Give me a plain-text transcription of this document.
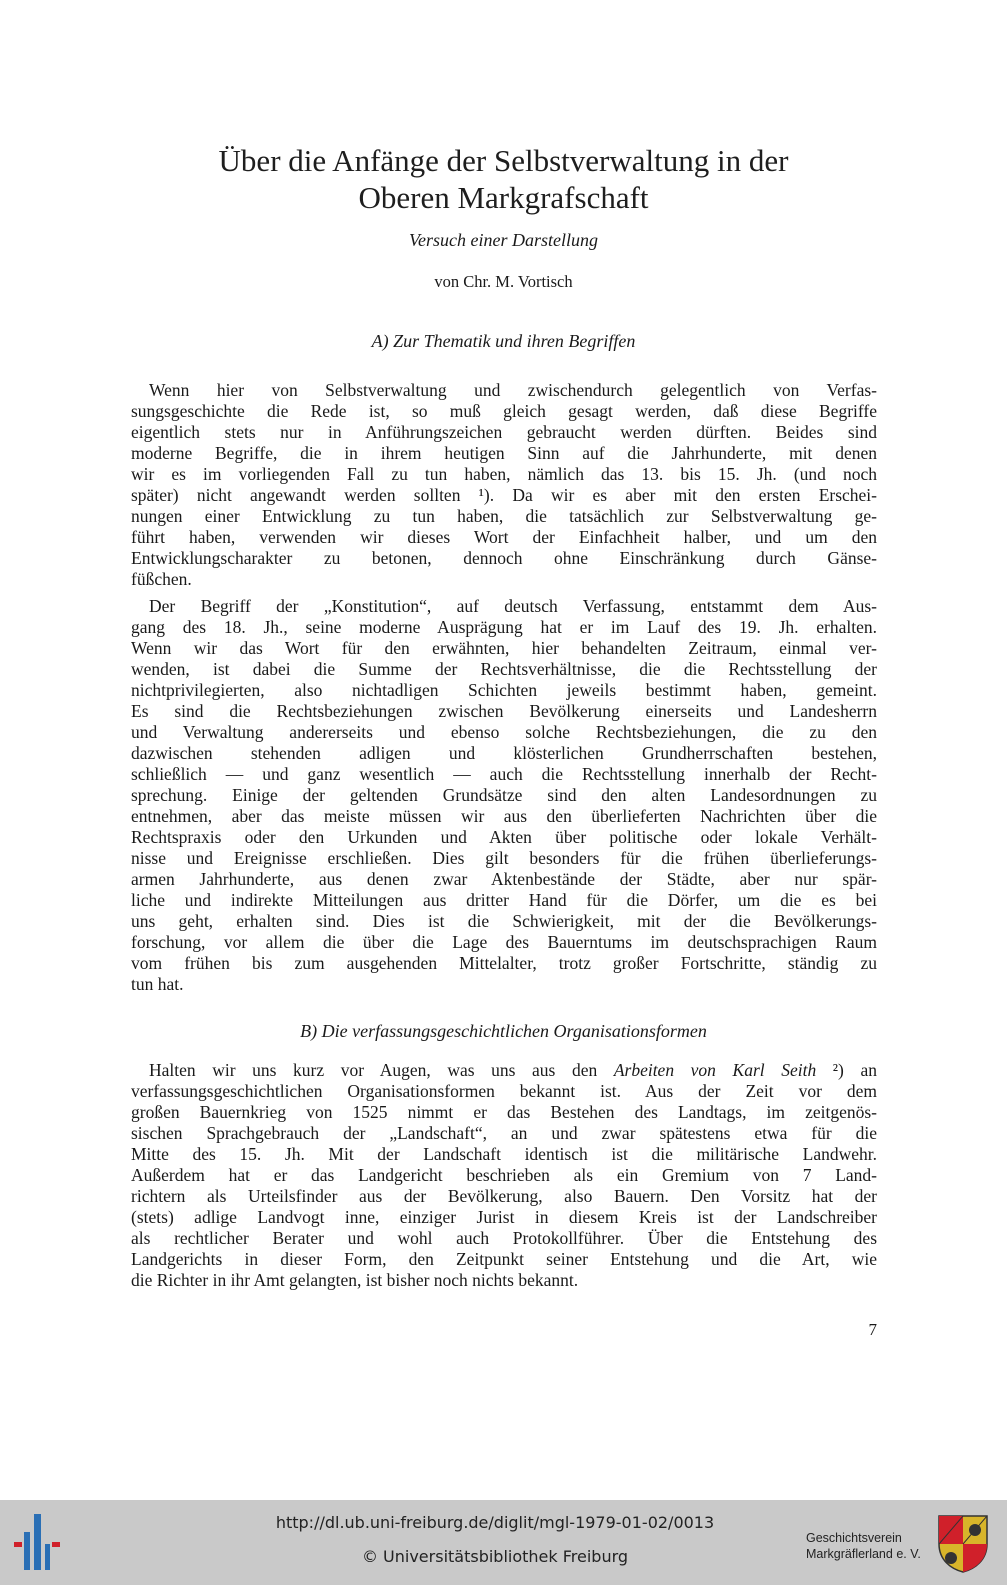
Über die Anfänge der Selbstverwaltung in der
Oberen Markgrafschaft
Versuch einer Darstellung
von Chr. M. Vortisch
A) Zur Thematik und ihren Begriffen
Wenn hier von Selbstverwaltung und zwischendurch gelegentlich von Verfas-
sungsgeschichte die Rede ist, so muß gleich gesagt werden, daß diese Begriffe
eigentlich stets nur in Anführungszeichen gebraucht werden dürften. Beides sind
moderne Begriffe, die in ihrem heutigen Sinn auf die Jahrhunderte, mit denen
wir es im vorliegenden Fall zu tun haben, nämlich das 13. bis 15. Jh. (und noch
später) nicht angewandt werden sollten ¹). Da wir es aber mit den ersten Erschei-
nungen einer Entwicklung zu tun haben, die tatsächlich zur Selbstverwaltung ge-
führt haben, verwenden wir dieses Wort der Einfachheit halber, und um den
Entwicklungscharakter zu betonen, dennoch ohne Einschränkung durch Gänse-
füßchen.
Der Begriff der „Konstitution“, auf deutsch Verfassung, entstammt dem Aus-
gang des 18. Jh., seine moderne Ausprägung hat er im Lauf des 19. Jh. erhalten.
Wenn wir das Wort für den erwähnten, hier behandelten Zeitraum, einmal ver-
wenden, ist dabei die Summe der Rechtsverhältnisse, die die Rechtsstellung der
nichtprivilegierten, also nichtadligen Schichten jeweils bestimmt haben, gemeint.
Es sind die Rechtsbeziehungen zwischen Bevölkerung einerseits und Landesherrn
und Verwaltung andererseits und ebenso solche Rechtsbeziehungen, die zu den
dazwischen stehenden adligen und klösterlichen Grundherrschaften bestehen,
schließlich — und ganz wesentlich — auch die Rechtsstellung innerhalb der Recht-
sprechung. Einige der geltenden Grundsätze sind den alten Landesordnungen zu
entnehmen, aber das meiste müssen wir aus den überlieferten Nachrichten über die
Rechtspraxis oder den Urkunden und Akten über politische oder lokale Verhält-
nisse und Ereignisse erschließen. Dies gilt besonders für die frühen überlieferungs-
armen Jahrhunderte, aus denen zwar Aktenbestände der Städte, aber nur spär-
liche und indirekte Mitteilungen aus dritter Hand für die Dörfer, um die es bei
uns geht, erhalten sind. Dies ist die Schwierigkeit, mit der die Bevölkerungs-
forschung, vor allem die über die Lage des Bauerntums im deutschsprachigen Raum
vom frühen bis zum ausgehenden Mittelalter, trotz großer Fortschritte, ständig zu
tun hat.
B) Die verfassungsgeschichtlichen Organisationsformen
Halten wir uns kurz vor Augen, was uns aus den Arbeiten von Karl Seith ²) an
verfassungsgeschichtlichen Organisationsformen bekannt ist. Aus der Zeit vor dem
großen Bauernkrieg von 1525 nimmt er das Bestehen des Landtags, im zeitgenös-
sischen Sprachgebrauch der „Landschaft“, an und zwar spätestens etwa für die
Mitte des 15. Jh. Mit der Landschaft identisch ist die militärische Landwehr.
Außerdem hat er das Landgericht beschrieben als ein Gremium von 7 Land-
richtern als Urteilsfinder aus der Bevölkerung, also Bauern. Den Vorsitz hat der
(stets) adlige Landvogt inne, einziger Jurist in diesem Kreis ist der Landschreiber
als rechtlicher Berater und wohl auch Protokollführer. Über die Entstehung des
Landgerichts in dieser Form, den Zeitpunkt seiner Entstehung und die Art, wie
die Richter in ihr Amt gelangten, ist bisher noch nichts bekannt.
7
http://dl.ub.uni-freiburg.de/diglit/mgl-1979-01-02/0013
© Universitätsbibliothek Freiburg
Geschichtsverein
Markgräflerland e. V.
